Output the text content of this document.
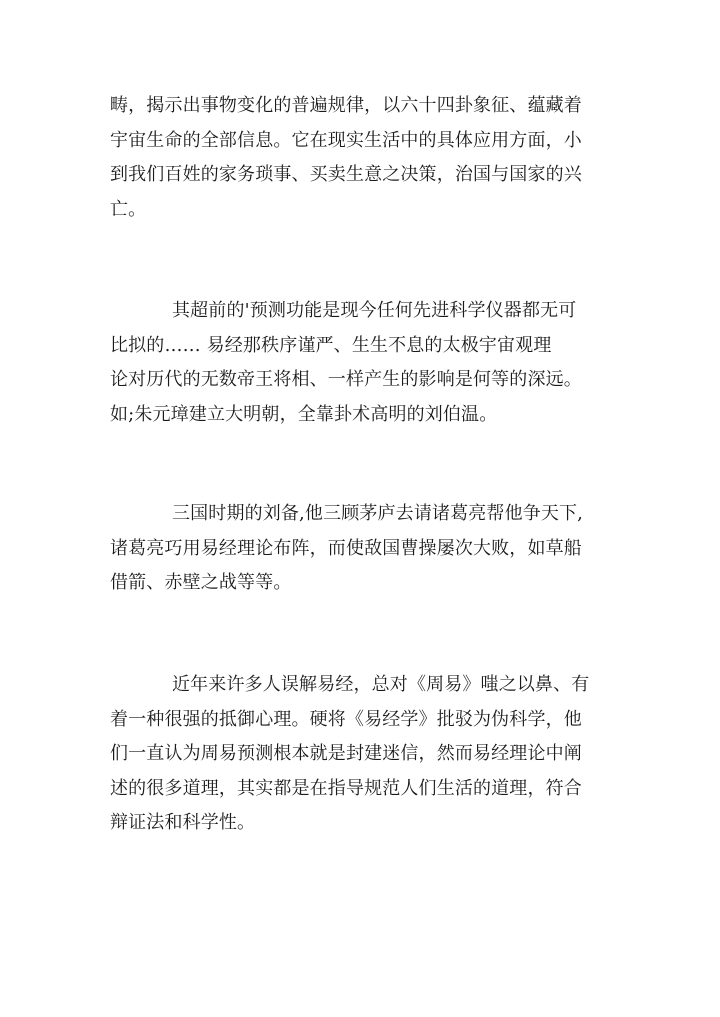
畴，揭示出事物变化的普遍规律，以六十四卦象征、蕴藏着
宇宙生命的全部信息。它在现实生活中的具体应用方面，小
到我们百姓的家务琐事、买卖生意之决策，治国与国家的兴
亡。
其超前的'预测功能是现今任何先进科学仪器都无可
比拟的…… 易经那秩序谨严、生生不息的太极宇宙观理
论对历代的无数帝王将相、一样产生的影响是何等的深远。
如;朱元璋建立大明朝，全靠卦术高明的刘伯温。
三国时期的刘备,他三顾茅庐去请诸葛亮帮他争天下,
诸葛亮巧用易经理论布阵，而使敌国曹操屡次大败，如草船
借箭、赤壁之战等等。
近年来许多人误解易经，总对《周易》嗤之以鼻、有
着一种很强的抵御心理。硬将《易经学》批驳为伪科学，他
们一直认为周易预测根本就是封建迷信，然而易经理论中阐
述的很多道理，其实都是在指导规范人们生活的道理，符合
辩证法和科学性。
